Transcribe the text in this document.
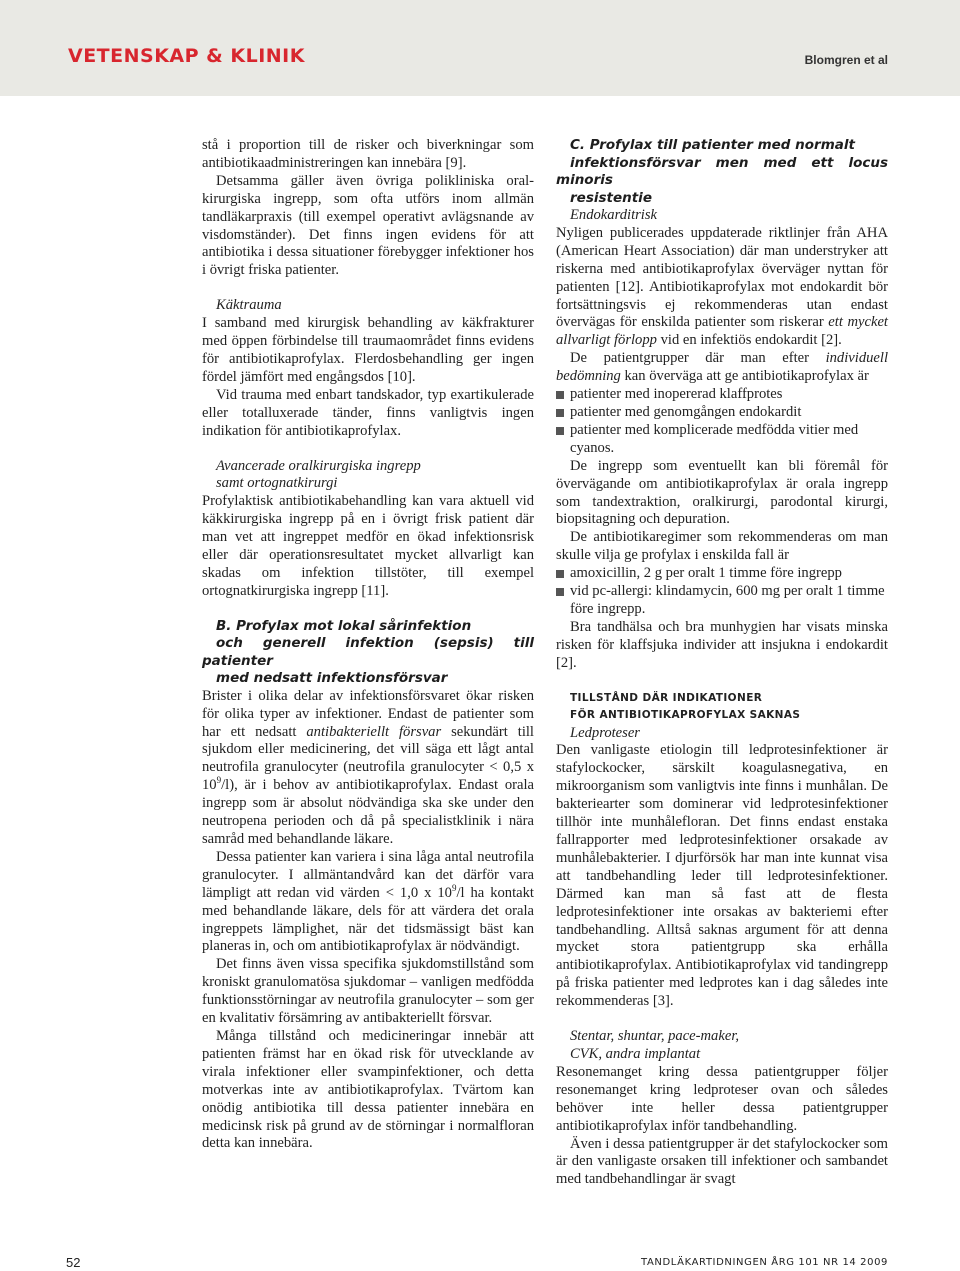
VETENSKAP & KLINIK	Blomgren et al

stå i proportion till de risker och biverkningar som antibiotikaadministreringen kan innebära [9].

Detsamma gäller även övriga polikliniska oralkirurgiska ingrepp, som ofta utförs inom allmän tandläkarpraxis (till exempel operativt avlägsnande av visdomständer). Det finns ingen evidens för att antibiotika i dessa situationer förebygger infektioner hos i övrigt friska patienter.

Käktrauma

I samband med kirurgisk behandling av käkfrakturer med öppen förbindelse till traumaområdet finns evidens för antibiotikaprofylax. Flerdosbehandling ger ingen fördel jämfört med engångsdos [10].

Vid trauma med enbart tandskador, typ exartikulerade eller totalluxerade tänder, finns vanligtvis ingen indikation för antibiotikaprofylax.

Avancerade oralkirurgiska ingrepp

samt ortognatkirurgi

Profylaktisk antibiotikabehandling kan vara aktuell vid käkkirurgiska ingrepp på en i övrigt frisk patient där man vet att ingreppet medför en ökad infektionsrisk eller där operationsresultatet mycket allvarligt kan skadas om infektion tillstöter, till exempel ortognatkirurgiska ingrepp [11].

B. Profylax mot lokal sårinfektion

och generell infektion (sepsis) till patienter

med nedsatt infektionsförsvar

Brister i olika delar av infektionsförsvaret ökar risken för olika typer av infektioner. Endast de patienter som har ett nedsatt antibakteriellt försvar sekundärt till sjukdom eller medicinering, det vill säga ett lågt antal neutrofila granulocyter (neutrofila granulocyter < 0,5 x $10^9/l$), är i behov av antibiotikaprofylax. Endast orala ingrepp som är absolut nödvändiga ska ske under den neutropena perioden och då på specialistklinik i nära samråd med behandlande läkare.

Dessa patienter kan variera i sina låga antal neutrofila granulocyter. I allmäntandvård kan det därför vara lämpligt att redan vid värden < 1,0 x $10^9/l$ ha kontakt med behandlande läkare, dels för att värdera det orala ingreppets lämplighet, när det tidsmässigt bäst kan planeras in, och om antibiotikaprofylax är nödvändigt.

Det finns även vissa specifika sjukdomstillstånd som kroniskt granulomatösa sjukdomar – vanligen medfödda funktionsstörningar av neutrofila granulocyter – som ger en kvalitativ försämring av antibakteriellt försvar.

Många tillstånd och medicineringar innebär att patienten främst har en ökad risk för utvecklande av virala infektioner eller svampinfektioner, och detta motverkas inte av antibiotikaprofylax. Tvärtom kan onödig antibiotika till dessa patienter innebära en medicinsk risk på grund av de störningar i normalfloran detta kan innebära.

C. Profylax till patienter med normalt

infektionsförsvar men med ett locus minoris

resistentie

Endokarditrisk

Nyligen publicerades uppdaterade riktlinjer från AHA (American Heart Association) där man understryker att riskerna med antibiotikaprofylax överväger nyttan för patienten [12]. Antibiotikaprofylax mot endokardit bör fortsättningsvis ej rekommenderas utan endast övervägas för enskilda patienter som riskerar ett mycket allvarligt förlopp vid en infektiös endokardit [2].

De patientgrupper där man efter individuell bedömning kan överväga att ge antibiotikaprofylax är

patienter med inopererad klaffprotes
patienter med genomgången endokardit
patienter med komplicerade medfödda vitier med cyanos.

De ingrepp som eventuellt kan bli föremål för övervägande om antibiotikaprofylax är orala ingrepp som tandextraktion, oralkirurgi, parodontal kirurgi, biopsitagning och depuration.

De antibiotikaregimer som rekommenderas om man skulle vilja ge profylax i enskilda fall är

amoxicillin, 2 g per oralt 1 timme före ingrepp
vid pc-allergi: klindamycin, 600 mg per oralt 1 timme före ingrepp.

Bra tandhälsa och bra munhygien har visats minska risken för klaffsjuka individer att insjukna i endokardit [2].

TILLSTÅND DÄR INDIKATIONER

FÖR ANTIBIOTIKAPROFYLAX SAKNAS

Ledproteser

Den vanligaste etiologin till ledprotesinfektioner är stafylockocker, särskilt koagulasnegativa, en mikroorganism som vanligtvis inte finns i munhålan. De bakteriearter som dominerar vid ledprotesinfektioner tillhör inte munhålefloran. Det finns endast enstaka fallrapporter med ledprotesinfektioner orsakade av munhålebakterier. I djurförsök har man inte kunnat visa att tandbehandling leder till ledprotesinfektioner. Därmed kan man så fast att de flesta ledprotesinfektioner inte orsakas av bakteriemi efter tandbehandling. Alltså saknas argument för att denna mycket stora patientgrupp ska erhålla antibiotikaprofylax. Antibiotikaprofylax vid tandingrepp på friska patienter med ledprotes kan i dag således inte rekommenderas [3].

Stentar, shuntar, pace-maker,

CVK, andra implantat

Resonemanget kring dessa patientgrupper följer resonemanget kring ledproteser ovan och således behöver inte heller dessa patientgrupper antibiotikaprofylax inför tandbehandling.

Även i dessa patientgrupper är det stafylockocker som är den vanligaste orsaken till infektioner och sambandet med tandbehandlingar är svagt

52	TANDLÄKARTIDNINGEN ÅRG 101 NR 14 2009
